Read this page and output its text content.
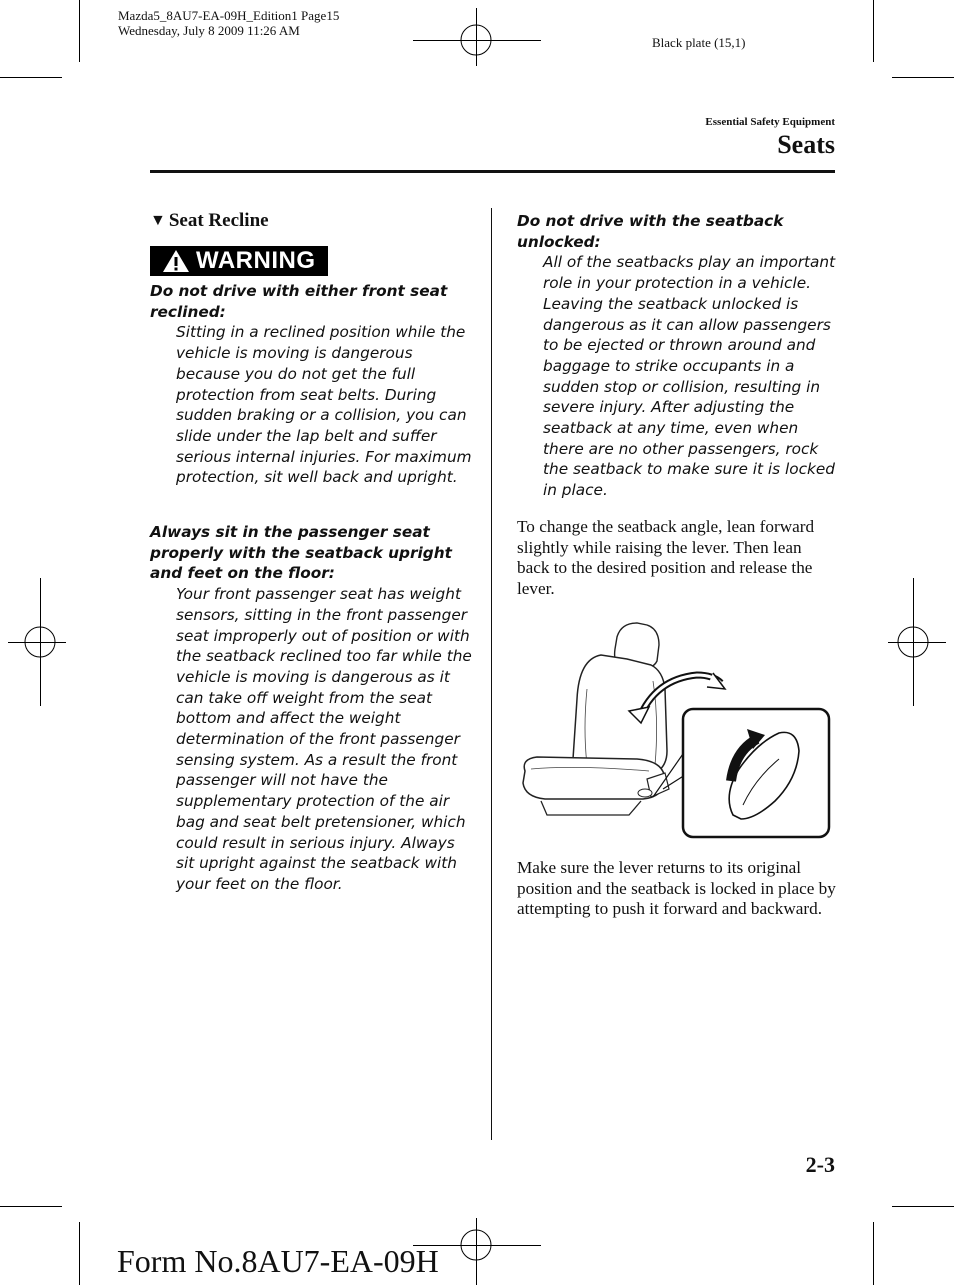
Mazda5_8AU7-EA-09H_Edition1 Page15
Wednesday, July 8 2009 11:26 AM
Black plate (15,1)
Essential Safety Equipment
Seats
▼ Seat Recline
WARNING

Do not drive with either front seat reclined:

Sitting in a reclined position while the vehicle is moving is dangerous because you do not get the full protection from seat belts. During sudden braking or a collision, you can slide under the lap belt and suffer serious internal injuries. For maximum protection, sit well back and upright.

Always sit in the passenger seat properly with the seatback upright and feet on the floor:

Your front passenger seat has weight sensors, sitting in the front passenger seat improperly out of position or with the seatback reclined too far while the vehicle is moving is dangerous as it can take off weight from the seat bottom and affect the weight determination of the front passenger sensing system. As a result the front passenger will not have the supplementary protection of the air bag and seat belt pretensioner, which could result in serious injury. Always sit upright against the seatback with your feet on the floor.

Do not drive with the seatback unlocked:

All of the seatbacks play an important role in your protection in a vehicle. Leaving the seatback unlocked is dangerous as it can allow passengers to be ejected or thrown around and baggage to strike occupants in a sudden stop or collision, resulting in severe injury. After adjusting the seatback at any time, even when there are no other passengers, rock the seatback to make sure it is locked in place.

To change the seatback angle, lean forward slightly while raising the lever. Then lean back to the desired position and release the lever.

Make sure the lever returns to its original position and the seatback is locked in place by attempting to push it forward and backward.

2-3
Form No.8AU7-EA-09H
